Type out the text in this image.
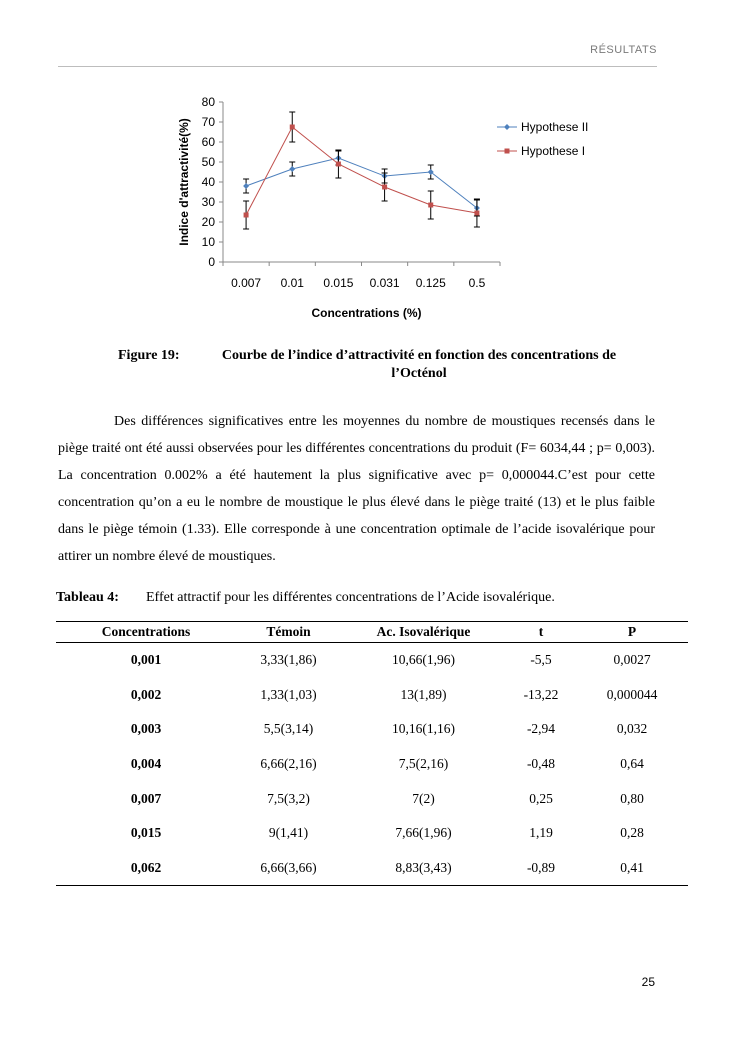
RÉSULTATS
0
10
20
30
40
50
60
70
80
0.007 0.01 0.015 0.031 0.125 0.5
Concentrations (%)
Indice d'attractivité(%)	Hypothese II
Hypothese I
Figure 19:	Courbe de l’indice d’attractivité en fonction des concentrations de l’Octénol

Des différences significatives entre les moyennes du nombre de moustiques recensés dans le piège traité ont été aussi observées pour les différentes concentrations du produit (F= 6034,44 ; p= 0,003). La concentration 0.002% a été hautement la plus significative avec p= 0,000044.C’est pour cette concentration qu’on a eu le nombre de moustique le plus élevé dans le piège traité (13) et le plus faible dans le piège témoin (1.33). Elle corresponde à une concentration optimale de l’acide isovalérique pour attirer un nombre élevé de moustiques.

Tableau 4: Effet attractif pour les différentes concentrations de l’Acide isovalérique.
Concentrations	Témoin	Ac. Isovalérique	t	P
0,001	3,33(1,86)	10,66(1,96)	-5,5	0,0027
0,002	1,33(1,03)	13(1,89)	-13,22	0,000044
0,003	5,5(3,14)	10,16(1,16)	-2,94	0,032
0,004	6,66(2,16)	7,5(2,16)	-0,48	0,64
0,007	7,5(3,2)	7(2)	0,25	0,80
0,015	9(1,41)	7,66(1,96)	1,19	0,28
0,062	6,66(3,66)	8,83(3,43)	-0,89	0,41
25
